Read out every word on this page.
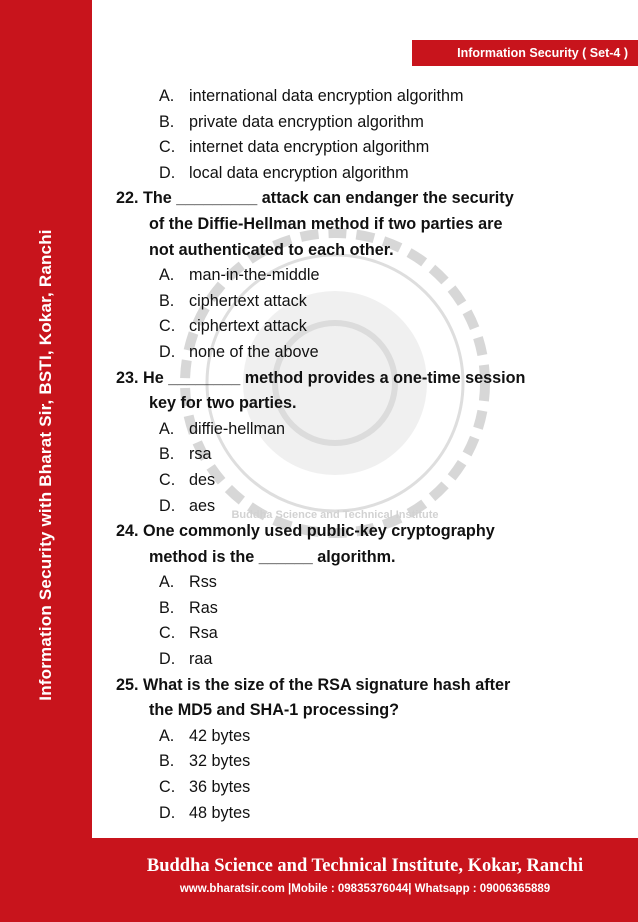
Information Security with Bharat Sir, BSTI, Kokar, Ranchi
Information Security ( Set-4 )
Buddha Science and Technical Institute
A. international data encryption algorithm
B. private data encryption algorithm
C. internet data encryption algorithm
D. local data encryption algorithm
22. The _________ attack can endanger the security
of the Diffie-Hellman method if two parties are
not authenticated to each other.
A. man-in-the-middle
B. ciphertext attack
C. ciphertext attack
D. none of the above
23. He ________ method provides a one-time session
key for two parties.
A. diffie-hellman
B. rsa
C. des
D. aes
24. One commonly used public-key cryptography
method is the ______ algorithm.
A. Rss
B. Ras
C. Rsa
D. raa
25. What is the size of the RSA signature hash after
the MD5 and SHA-1 processing?
A. 42 bytes
B. 32 bytes
C. 36 bytes
D. 48 bytes
Buddha Science and Technical Institute, Kokar, Ranchi
www.bharatsir.com |Mobile : 09835376044| Whatsapp : 09006365889
